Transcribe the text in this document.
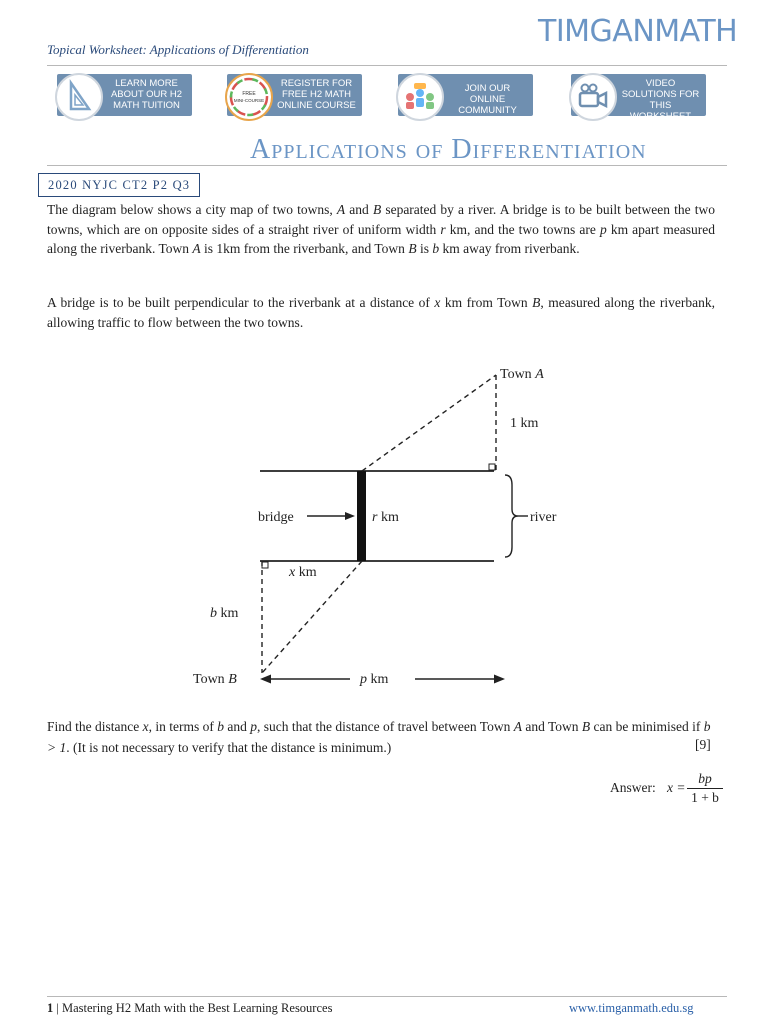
Topical Worksheet: Applications of Differentiation
TIMGANMATH
LEARN MORE ABOUT OUR H2 MATH TUITION
FREE
MINI-COURSE
REGISTER FOR FREE H2 MATH ONLINE COURSE
JOIN OUR ONLINE COMMUNITY
VIDEO SOLUTIONS FOR THIS WORKSHEET
Applications of Differentiation
2020 NYJC CT2 P2 Q3
The diagram below shows a city map of two towns, A and B separated by a river. A bridge is to be built between the two towns, which are on opposite sides of a straight river of uniform width r km, and the two towns are p km apart measured along the riverbank. Town A is 1km from the riverbank, and Town B is b km away from riverbank.
A bridge is to be built perpendicular to the riverbank at a distance of x km from Town B, measured along the riverbank, allowing traffic to flow between the two towns.
Town A
1 km
bridge	r km	river
x km
b km
Town B	p km
Find the distance x, in terms of b and p, such that the distance of travel between Town A and Town B can be minimised if b > 1. (It is not necessary to verify that the distance is minimum.)	[9]
Answer: $x = \frac{bp}{1 + b}$
1 | Mastering H2 Math with the Best Learning Resources	www.timganmath.edu.sg
